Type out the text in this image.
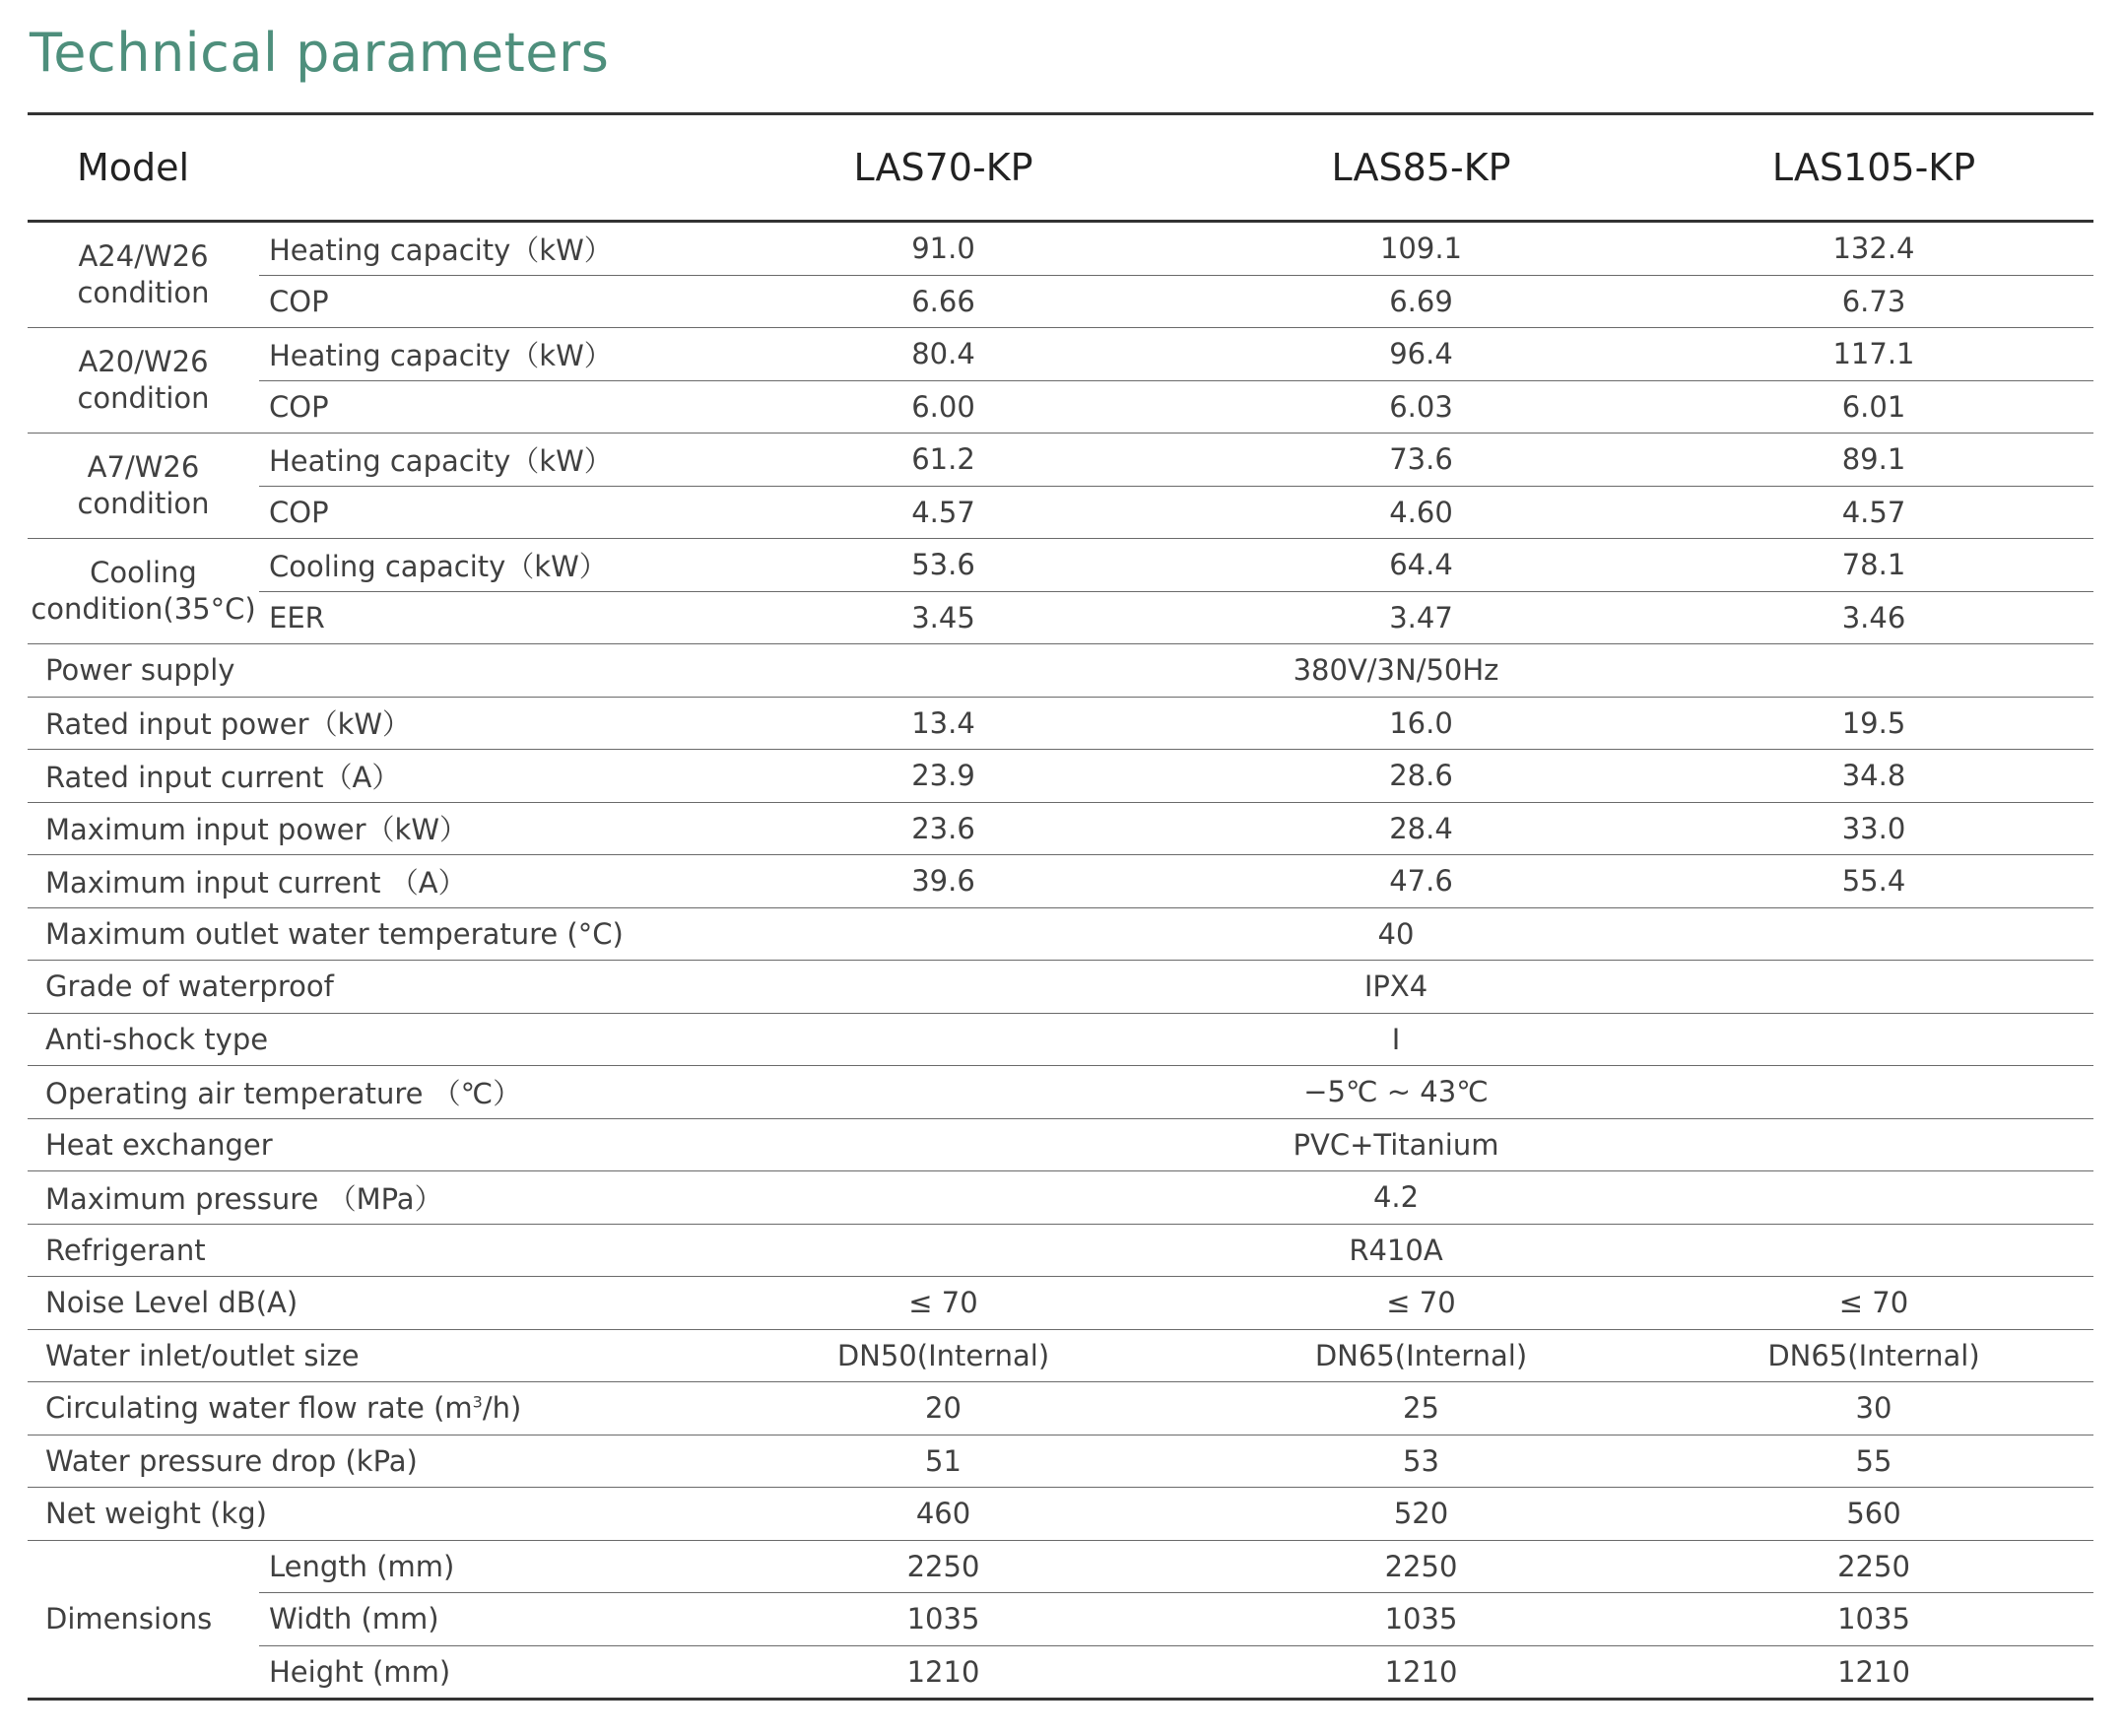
Technical parameters
Model		LAS70-KP	LAS85-KP	LAS105-KP
A24/W26 condition	Heating capacity（kW）	91.0	109.1	132.4
	COP	6.66	6.69	6.73
A20/W26 condition	Heating capacity（kW）	80.4	96.4	117.1
	COP	6.00	6.03	6.01
A7/W26 condition	Heating capacity（kW）	61.2	73.6	89.1
	COP	4.57	4.60	4.57
Cooling condition(35°C)	Cooling capacity（kW）	53.6	64.4	78.1
	EER	3.45	3.47	3.46
Power supply		380V/3N/50Hz		
Rated input power（kW）		13.4	16.0	19.5
Rated input current（A）		23.9	28.6	34.8
Maximum input power（kW）		23.6	28.4	33.0
Maximum input current （A）		39.6	47.6	55.4
Maximum outlet water temperature (°C)		40		
Grade of waterproof		IPX4		
Anti-shock type		I		
Operating air temperature （℃）		−5℃ ~ 43℃		
Heat exchanger		PVC+Titanium		
Maximum pressure （MPa）		4.2		
Refrigerant		R410A		
Noise Level dB(A)		≤ 70	≤ 70	≤ 70
Water inlet/outlet size		DN50(Internal)	DN65(Internal)	DN65(Internal)
Circulating water flow rate $(m^3/h)$		20	25	30
Water pressure drop (kPa)		51	53	55
Net weight (kg)		460	520	560
Dimensions	Length (mm)	2250	2250	2250
	Width (mm)	1035	1035	1035
	Height (mm)	1210	1210	1210
